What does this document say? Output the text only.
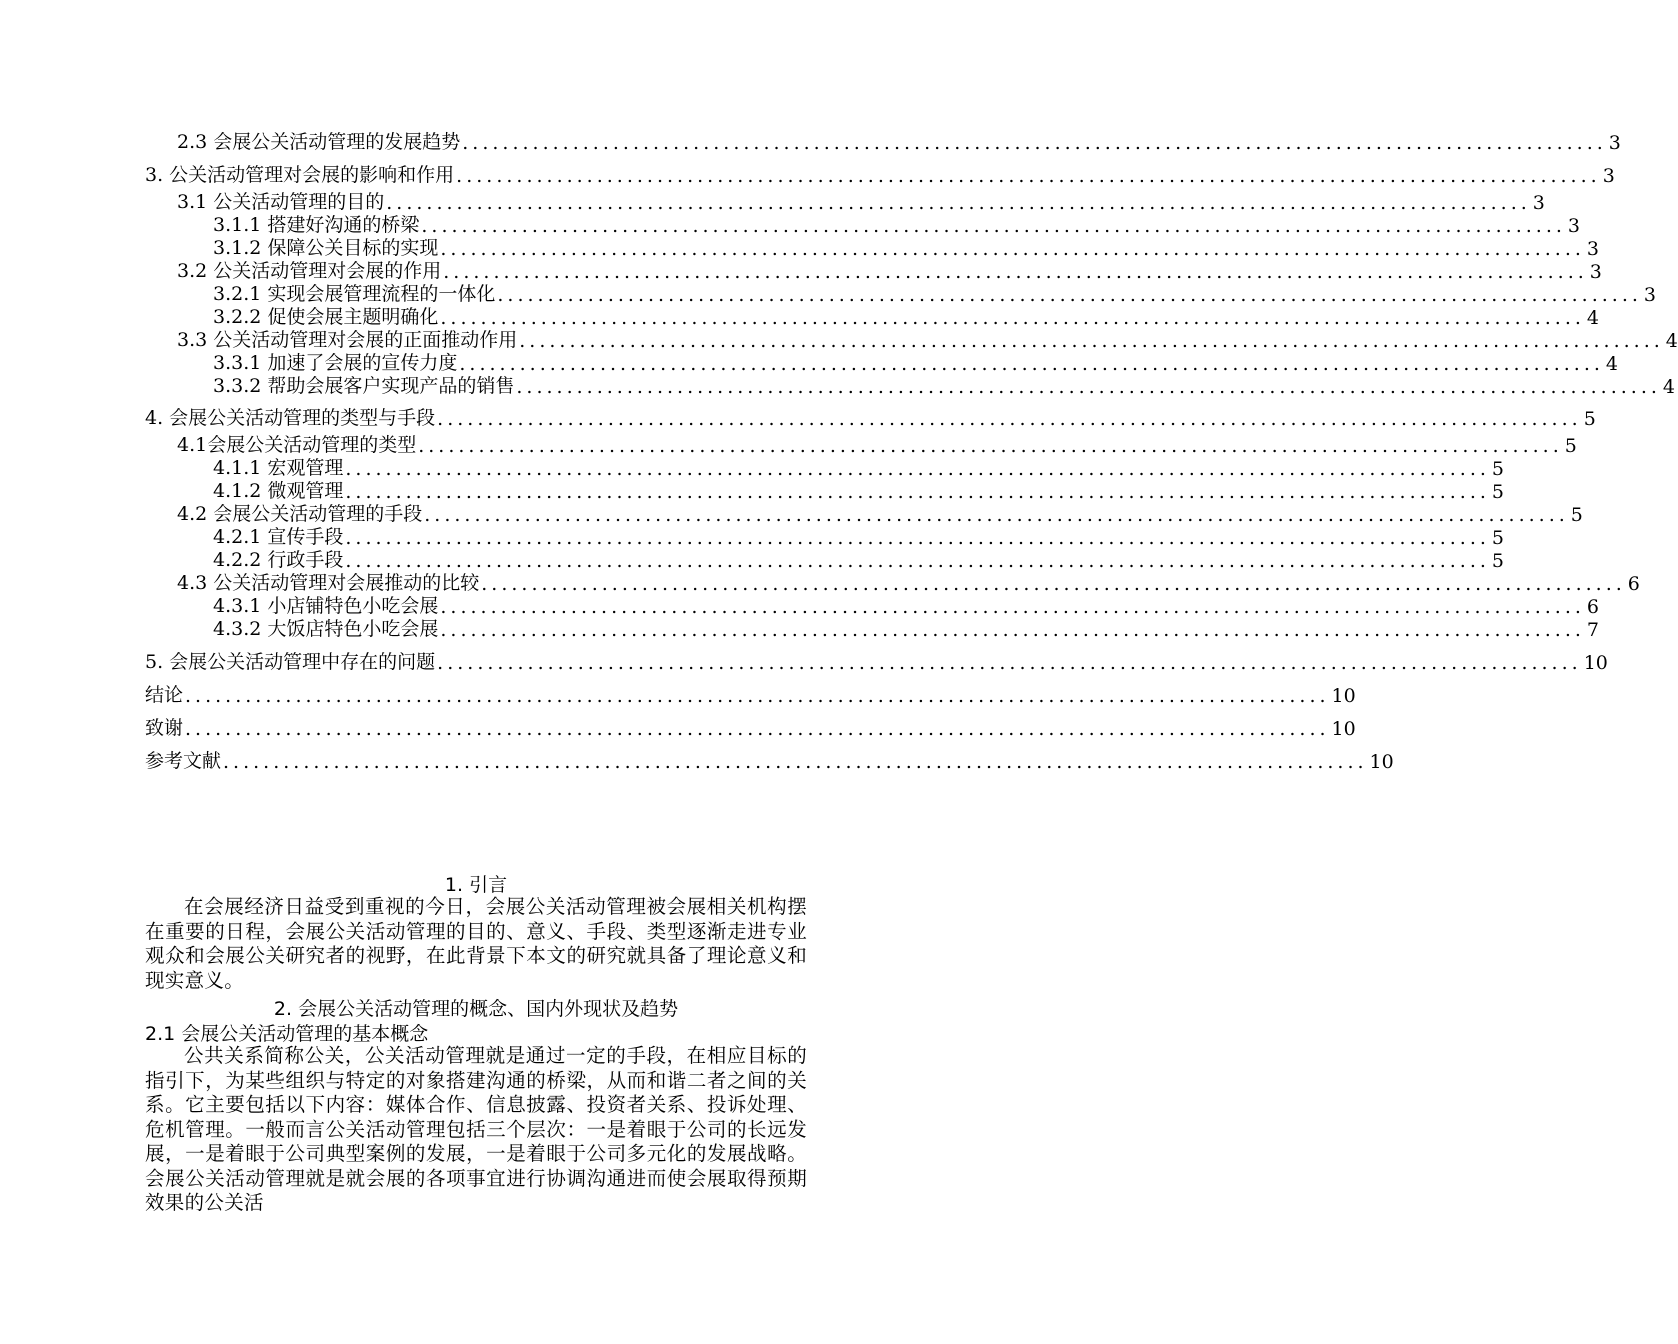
2.3 会展公关活动管理的发展趋势 .................................................................................................................. 3
3. 公关活动管理对会展的影响和作用 .................................................................................................................. 3
3.1 公关活动管理的目的 .................................................................................................................. 3
3.1.1 搭建好沟通的桥梁 .................................................................................................................. 3
3.1.2 保障公关目标的实现 .................................................................................................................. 3
3.2 公关活动管理对会展的作用 .................................................................................................................. 3
3.2.1 实现会展管理流程的一体化 .................................................................................................................. 3
3.2.2 促使会展主题明确化 .................................................................................................................. 4
3.3 公关活动管理对会展的正面推动作用 .................................................................................................................. 4
3.3.1 加速了会展的宣传力度 .................................................................................................................. 4
3.3.2 帮助会展客户实现产品的销售 .................................................................................................................. 4
4. 会展公关活动管理的类型与手段 .................................................................................................................. 5
4.1会展公关活动管理的类型 .................................................................................................................. 5
4.1.1 宏观管理 .................................................................................................................. 5
4.1.2 微观管理 .................................................................................................................. 5
4.2 会展公关活动管理的手段 .................................................................................................................. 5
4.2.1 宣传手段 .................................................................................................................. 5
4.2.2 行政手段 .................................................................................................................. 5
4.3 公关活动管理对会展推动的比较 .................................................................................................................. 6
4.3.1 小店铺特色小吃会展 .................................................................................................................. 6
4.3.2 大饭店特色小吃会展 .................................................................................................................. 7
5. 会展公关活动管理中存在的问题 .................................................................................................................. 10
结论 .................................................................................................................. 10
致谢 .................................................................................................................. 10
参考文献 .................................................................................................................. 10
1. 引言
在会展经济日益受到重视的今日，会展公关活动管理被会展相关机构摆在重要的日程，会展公关活动管理的目的、意义、手段、类型逐渐走进专业观众和会展公关研究者的视野，在此背景下本文的研究就具备了理论意义和现实意义。
2. 会展公关活动管理的概念、国内外现状及趋势
2.1 会展公关活动管理的基本概念
公共关系简称公关，公关活动管理就是通过一定的手段，在相应目标的指引下，为某些组织与特定的对象搭建沟通的桥梁，从而和谐二者之间的关系。它主要包括以下内容：媒体合作、信息披露、投资者关系、投诉处理、危机管理。一般而言公关活动管理包括三个层次：一是着眼于公司的长远发展，一是着眼于公司典型案例的发展，一是着眼于公司多元化的发展战略。会展公关活动管理就是就会展的各项事宜进行协调沟通进而使会展取得预期效果的公关活
